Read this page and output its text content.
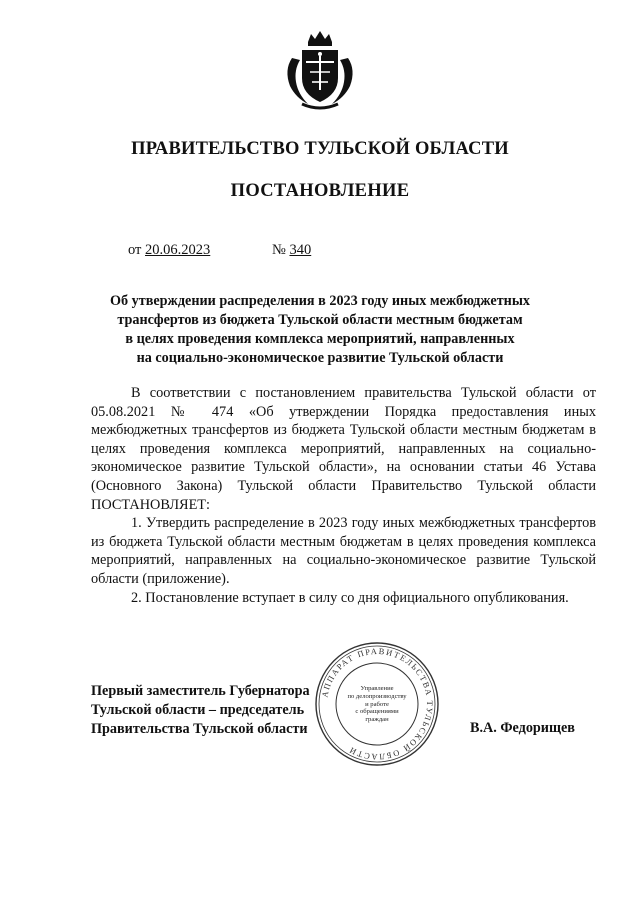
ПРАВИТЕЛЬСТВО ТУЛЬСКОЙ ОБЛАСТИ
ПОСТАНОВЛЕНИЕ
от 20.06.2023	№ 340
Об утверждении распределения в 2023 году иных межбюджетных
трансфертов из бюджета Тульской области местным бюджетам
в целях проведения комплекса мероприятий, направленных
на социально-экономическое развитие Тульской области

В соответствии с постановлением правительства Тульской области от 05.08.2021 № 474 «Об утверждении Порядка предоставления иных межбюджетных трансфертов из бюджета Тульской области местным бюджетам в целях проведения комплекса мероприятий, направленных на социально-экономическое развитие Тульской области», на основании статьи 46 Устава (Основного Закона) Тульской области Правительство Тульской области ПОСТАНОВЛЯЕТ:

1. Утвердить распределение в 2023 году иных межбюджетных трансфертов из бюджета Тульской области местным бюджетам в целях проведения комплекса мероприятий, направленных на социально-экономическое развитие Тульской области (приложение).

2. Постановление вступает в силу со дня официального опубликования.

Первый заместитель Губернатора
Тульской области – председатель
Правительства Тульской области	В.А. Федорищев
АППАРАТ ПРАВИТЕЛЬСТВА ТУЛЬСКОЙ ОБЛАСТИ
Управление
по делопроизводству
и работе
с обращениями
граждан
